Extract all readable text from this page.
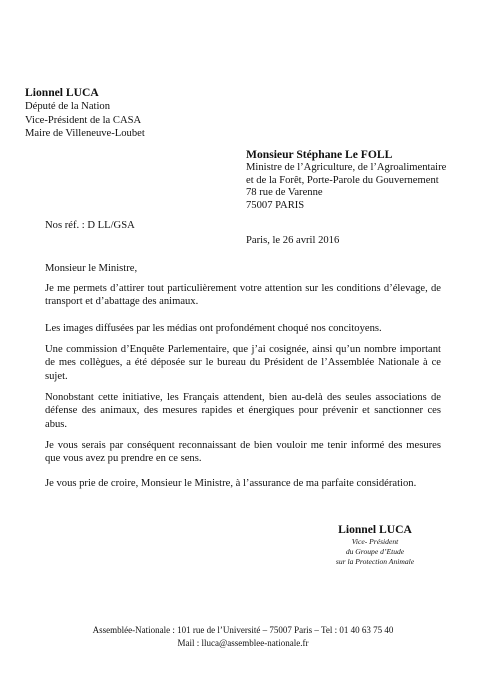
Lionnel LUCA
Député de la Nation
Vice-Président de la CASA
Maire de Villeneuve-Loubet
Monsieur Stéphane Le FOLL
Ministre de l’Agriculture, de l’Agroalimentaire
et de la Forêt, Porte-Parole du Gouvernement
78 rue de Varenne
75007 PARIS
Nos réf. : D LL/GSA
Paris, le 26 avril 2016
Monsieur le Ministre,
Je me permets d’attirer tout particulièrement votre attention sur les conditions d’élevage, de transport et d’abattage des animaux.
Les images diffusées par les médias ont profondément choqué nos concitoyens.
Une commission d’Enquête Parlementaire, que j’ai cosignée, ainsi qu’un nombre important de mes collègues, a été déposée sur le bureau du Président de l’Assemblée Nationale à ce sujet.
Nonobstant cette initiative, les Français attendent, bien au-delà des seules associations de défense des animaux, des mesures rapides et énergiques pour prévenir et sanctionner ces abus.
Je vous serais par conséquent reconnaissant de bien vouloir me tenir informé des mesures que vous avez pu prendre en ce sens.
Je vous prie de croire, Monsieur le Ministre, à l’assurance de ma parfaite considération.
Lionnel LUCA
Vice- Président
du Groupe d’Etude
sur la Protection Animale
Assemblée-Nationale : 101 rue de l’Université – 75007 Paris – Tel : 01 40 63 75 40
Mail : lluca@assemblee-nationale.fr
